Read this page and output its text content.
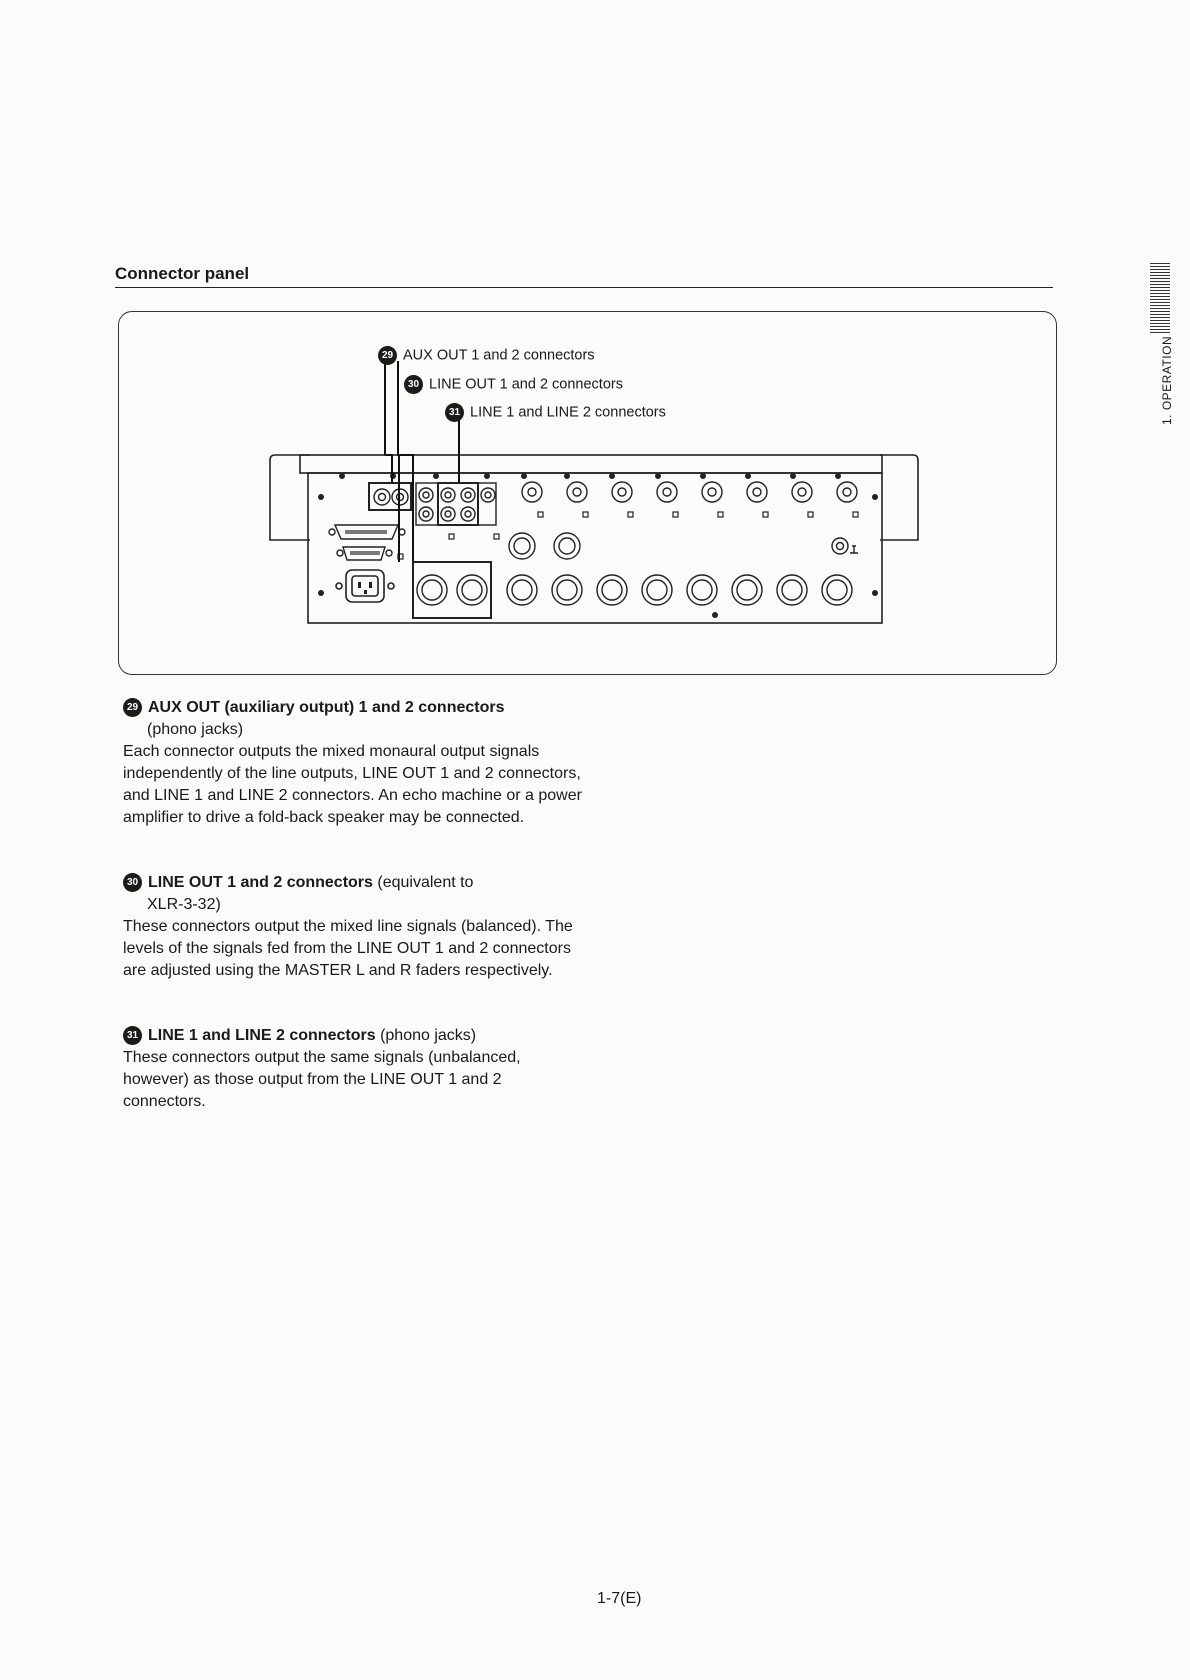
Connector panel
1. OPERATION
29 AUX OUT 1 and 2 connectors
30 LINE OUT 1 and 2 connectors
31 LINE 1 and LINE 2 connectors

29 AUX OUT (auxiliary output) 1 and 2 connectors

(phono jacks)

Each connector outputs the mixed monaural output signals independently of the line outputs, LINE OUT 1 and 2 connectors, and LINE 1 and LINE 2 connectors. An echo machine or a power amplifier to drive a fold-back speaker may be connected.

30 LINE OUT 1 and 2 connectors (equivalent to

XLR-3-32)

These connectors output the mixed line signals (balanced). The levels of the signals fed from the LINE OUT 1 and 2 connectors are adjusted using the MASTER L and R faders respectively.

31 LINE 1 and LINE 2 connectors (phono jacks)

These connectors output the same signals (unbalanced, however) as those output from the LINE OUT 1 and 2 connectors.

1-7(E)
